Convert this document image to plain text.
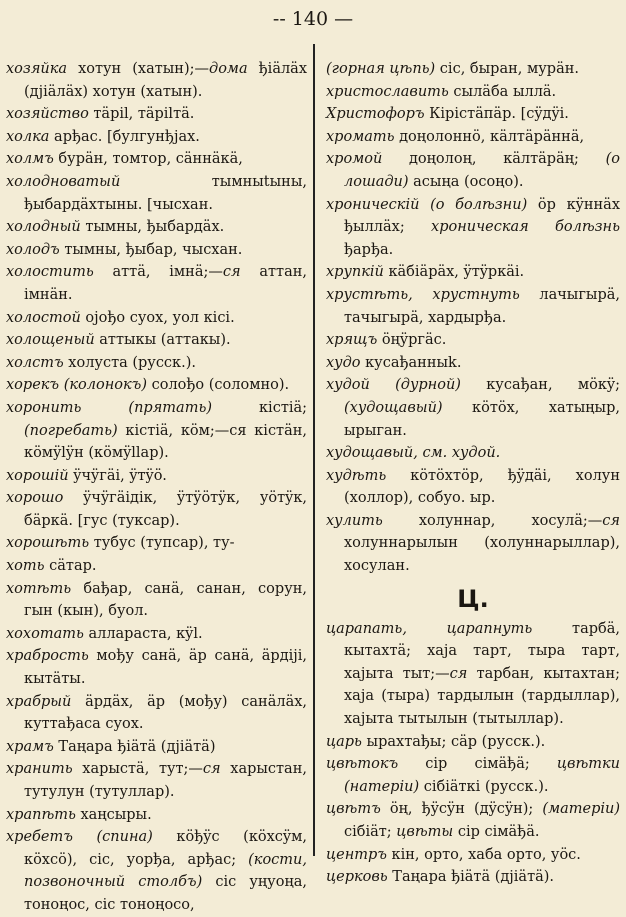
-- 140 —

хозяйка хотун (хатын);—дома ђіäлäх (дјіäлäх) хотун (хатын).

хозяйство тäріl, тäріlтä.

холка арђас. [булгунђјах.

холмъ бурäн, томтор, сäннäкä,

холодноватый тымныtыны, ђыбардäхтыны. [чысхан.

холодный тымны, ђыбардäх.

холодъ тымны, ђыбар, чысхан.

холостить аттä, імнä;—ся аттан, імнäн.

холостой оjођо суох, уол кісі.

холощеный аттыкы (аттакы).

холстъ холуста (русск.).

хорекъ (колонокъ) солођо (соломно).

хоронить (прятать) кістіä; (погребать) кістіä, кöм;—ся кістäн, кöмÿlÿн (кöмÿllар).

хорошій ÿчÿгäі, ÿтÿö.

хорошо ÿчÿгäідік, ÿтÿöтÿк, уöтÿк, бäркä. [гус (туксар).

хорошѣть тубус (тупсар), ту-

хоть сäтар.

хотѣть бађар, санä, санан, сорун, гын (кын), буол.

хохотать аллараста, кÿl.

храбрость мођу санä, äр санä, äрдіjі, кытäты.

храбрый äрдäх, äр (мођу) санäлäх, куттађаса суох.

храмъ Таңара ђіäтä (дјіäтä)

хранить харыстä, тут;—ся харыстан, тутулун (тутуллар).

храпѣть хаңсыры.

хребетъ (спина) кöђÿс (кöхсÿм, кöхсö), сіс, уорђа, арђас; (кости, позвоночный столбъ) сіс уңуоңа, тоноңос, сіс тоноңосо,

(горная цѣпь) сіс, быран, мурäн.

христославить сылäба ыллä.

Христофоръ Кірістäпäр. [сÿдÿі.

хромать доңолоннö, кäлтäрäннä,

хромой доңолоң, кäлтäрäң; (о лошади) асыңа (осоңо).

хроническій (о болѣзни) öр кÿннäх ђыллäх; хроническая болѣзнь ђарђа.

хрупкій кäбіäрäх, ÿтÿркäі.

хрустѣть, хрустнуть лачыгырä, тачыгырä, хардырђа.

хрящъ öңÿргäс.

худо кусађанныk.

худой (дурной) кусађан, мöкÿ; (худощавый) кöтöх, хатыңыр, ырыган.

худощавый, см. худой.

худѣть кöтöхтöр, ђÿдäі, холун (холлор), собуо. ыр.

хулить холуннар, хосулä;—ся холуннарылын (холуннарыллар), хосулан.

Ц.

царапать, царапнуть тарбä, кытахтä; хаjа тарт, тыра тарт, хаjыта тыт;—ся тарбан, кытахтан; хаjа (тыра) тардылын (тардыллар), хаjыта тытылын (тытыллар).

царь ырахтађы; сäр (русск.).

цвѣтокъ сір сімäђä; цвѣтки (натеріи) сібіäткі (русск.).

цвѣтъ öң, ђÿсÿн (дÿсÿн); (матеріи) сібіäт; цвѣты сір сімäђä.

центръ кін, орто, хаба орто, уöс.

церковь Таңара ђіäтä (дјіäтä).
